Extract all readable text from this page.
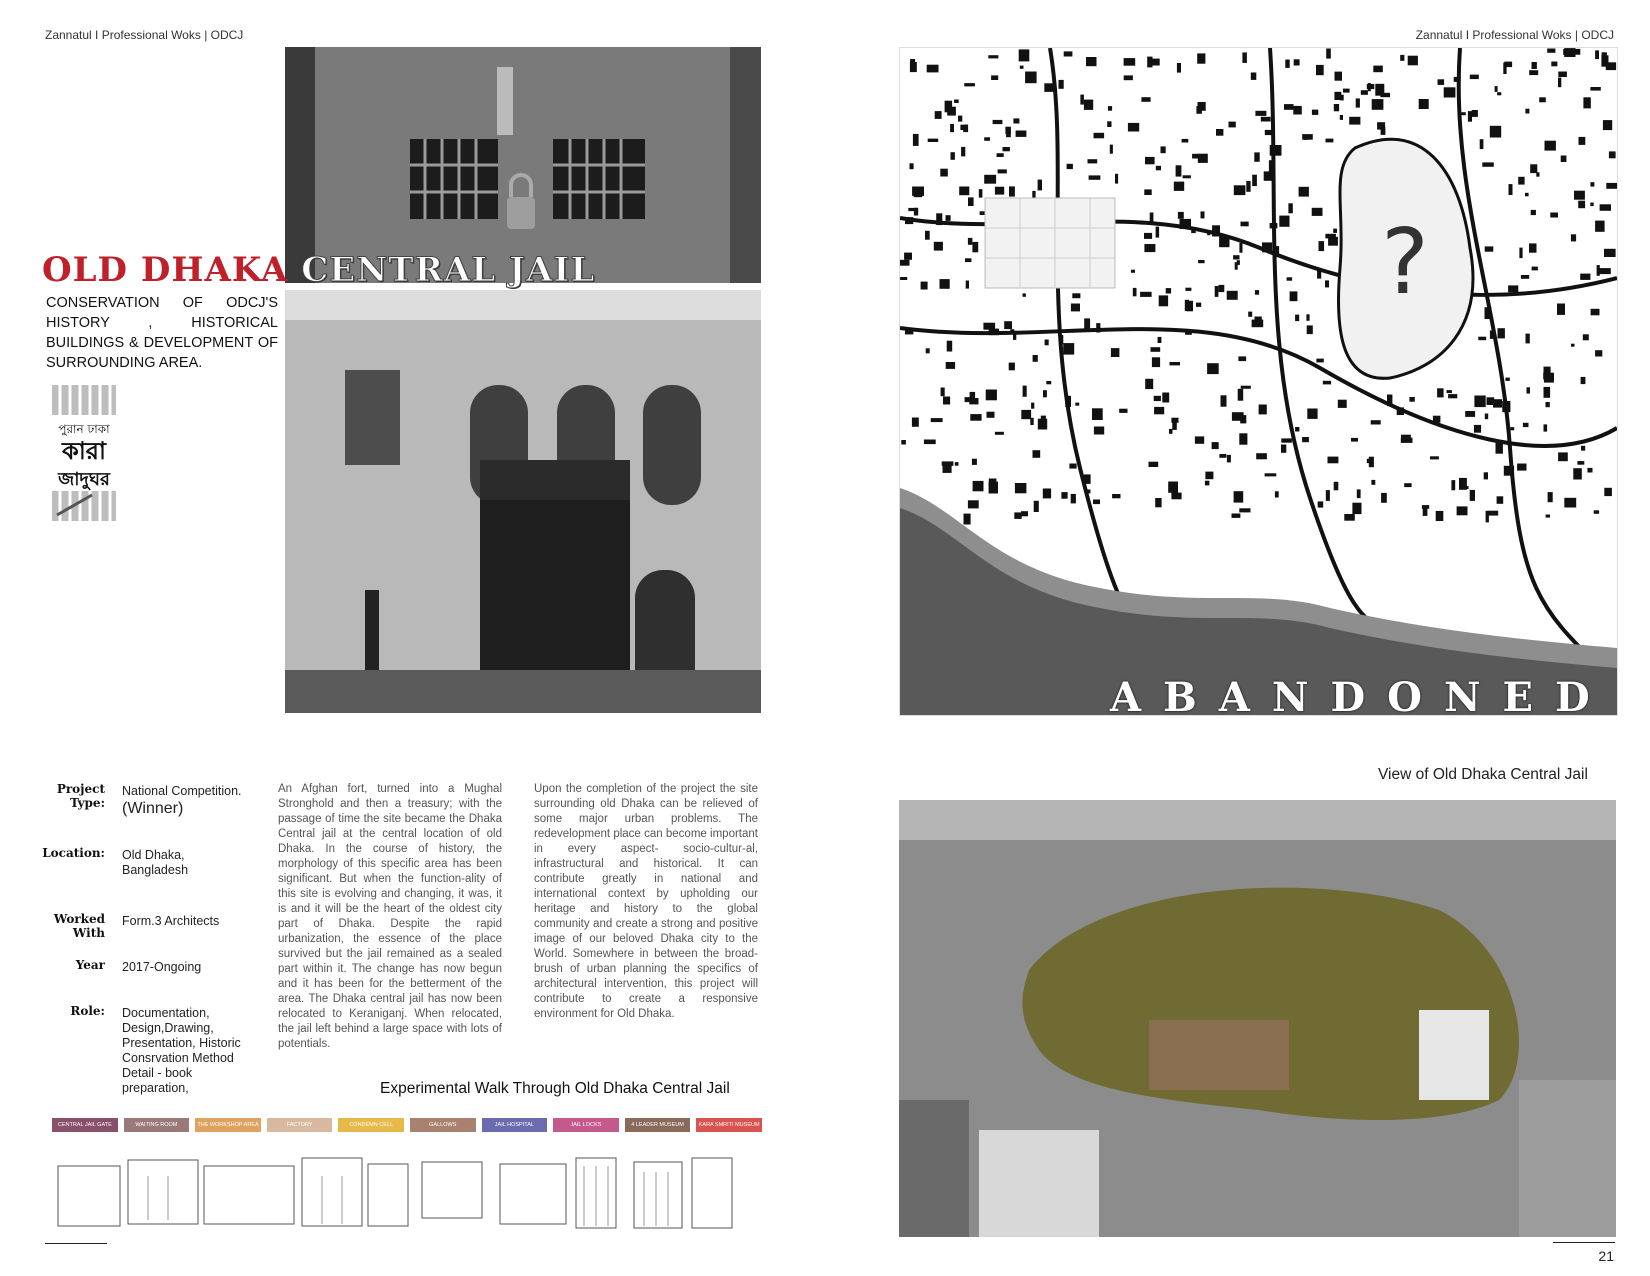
Zannatul I Professional Woks | ODCJ	Zannatul I Professional Woks | ODCJ
OLD DHAKA CENTRAL JAIL
CONSERVATION OF ODCJ'S HISTORY , HISTORICAL BUILDINGS & DEVELOPMENT OF SURROUNDING AREA.
পুরান ঢাকা
কারা
জাদুঘর
?
ABANDONED
Project Type:
National Competition.
(Winner)
Location: Old Dhaka, Bangladesh
Worked With
Form.3 Architects
Year 2017-Ongoing
Role: Documentation, Design,Drawing, Presentation, Historic Consrvation Method Detail - book preparation,
An Afghan fort, turned into a Mughal Stronghold and then a treasury; with the passage of time the site became the Dhaka Central jail at the central location of old Dhaka. In the course of history, the morphology of this specific area has been significant. But when the function-ality of this site is evolving and changing, it was, it is and it will be the heart of the oldest city part of Dhaka. Despite the rapid urbanization, the essence of the place survived but the jail remained as a sealed part within it. The change has now begun and it has been for the betterment of the area. The Dhaka central jail has now been relocated to Keraniganj. When relocated, the jail left behind a large space with lots of potentials.
Upon the completion of the project the site surrounding old Dhaka can be relieved of some major urban problems. The redevelopment place can become important in every aspect- socio-cultur-al, infrastructural and historical. It can contribute greatly in national and international context by upholding our heritage and history to the global community and create a strong and positive image of our beloved Dhaka city to the World. Somewhere in between the broad-brush of urban planning the specifics of architectural intervention, this project will contribute to create a responsive environment for Old Dhaka.
Experimental Walk Through Old Dhaka Central Jail
CENTRAL JAIL GATE	WAITING ROOM	THE WORKSHOP AREA	FACTORY	CONDEMN CELL	GALLOWS	JAIL HOSPITAL	JAIL LOCKS	4 LEADER MUSEUM	KARA SMRITI MUSEUM
View of Old Dhaka Central Jail
21
